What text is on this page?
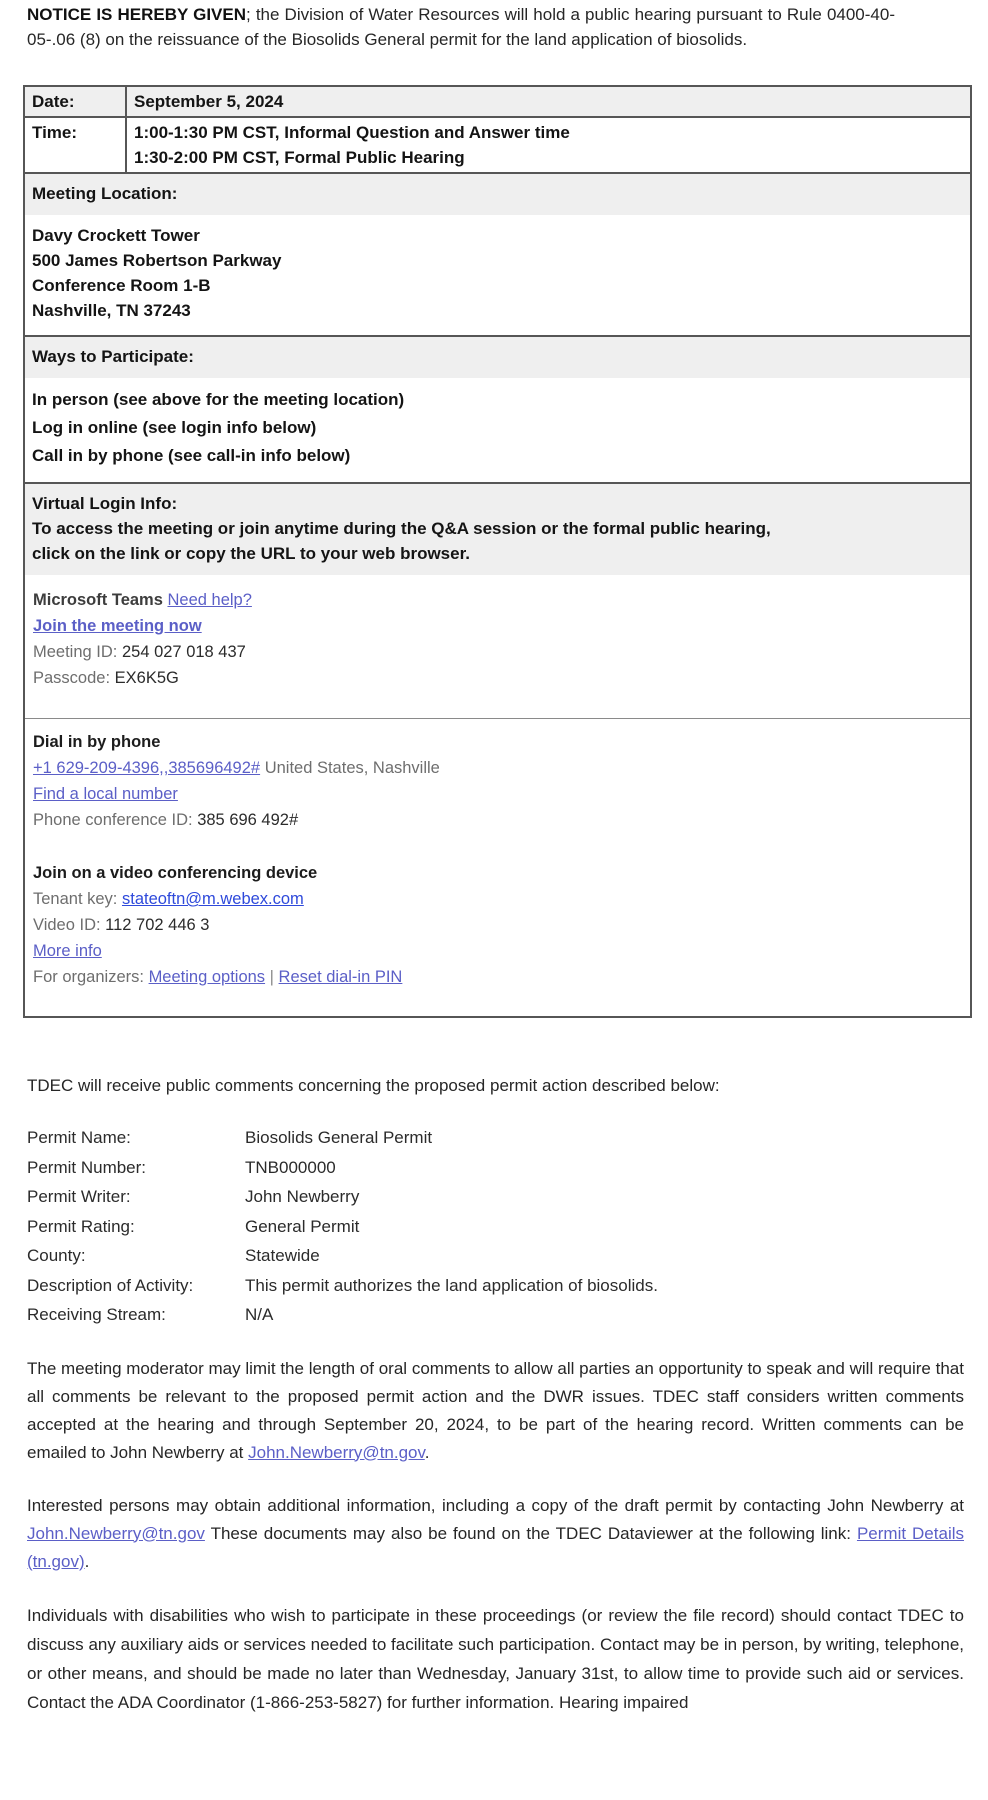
NOTICE IS HEREBY GIVEN; the Division of Water Resources will hold a public hearing pursuant to Rule 0400-40-05-.06 (8) on the reissuance of the Biosolids General permit for the land application of biosolids.

Date:	September 5, 2024
Time:	1:00-1:30 PM CST, Informal Question and Answer time
1:30-2:00 PM CST, Formal Public Hearing

Meeting Location:
Davy Crockett Tower
500 James Robertson Parkway
Conference Room 1-B
Nashville, TN 37243	

Ways to Participate:
In person (see above for the meeting location)
Log in online (see login info below)
Call in by phone (see call-in info below)	

Virtual Login Info:
To access the meeting or join anytime during the Q&A session or the formal public hearing,
click on the link or copy the URL to your web browser.
Microsoft Teams Need help?
Join the meeting now
Meeting ID: 254 027 018 437
Passcode: EX6K5G
Dial in by phone
+1 629-209-4396,,385696492# United States, Nashville
Find a local number
Phone conference ID: 385 696 492#
Join on a video conferencing device
Tenant key: stateoftn@m.webex.com
Video ID: 112 702 446 3
More info
For organizers: Meeting options | Reset dial-in PIN

TDEC will receive public comments concerning the proposed permit action described below:

Permit Name:	Biosolids General Permit
Permit Number:	TNB000000
Permit Writer:	John Newberry
Permit Rating:	General Permit
County:	Statewide
Description of Activity:	This permit authorizes the land application of biosolids.
Receiving Stream:	N/A

The meeting moderator may limit the length of oral comments to allow all parties an opportunity to speak and will require that all comments be relevant to the proposed permit action and the DWR issues. TDEC staff considers written comments accepted at the hearing and through September 20, 2024, to be part of the hearing record. Written comments can be emailed to John Newberry at John.Newberry@tn.gov.

Interested persons may obtain additional information, including a copy of the draft permit by contacting John Newberry at John.Newberry@tn.gov These documents may also be found on the TDEC Dataviewer at the following link: Permit Details (tn.gov).

Individuals with disabilities who wish to participate in these proceedings (or review the file record) should contact TDEC to discuss any auxiliary aids or services needed to facilitate such participation. Contact may be in person, by writing, telephone, or other means, and should be made no later than Wednesday, January 31st, to allow time to provide such aid or services. Contact the ADA Coordinator (1-866-253-5827) for further information. Hearing impaired
